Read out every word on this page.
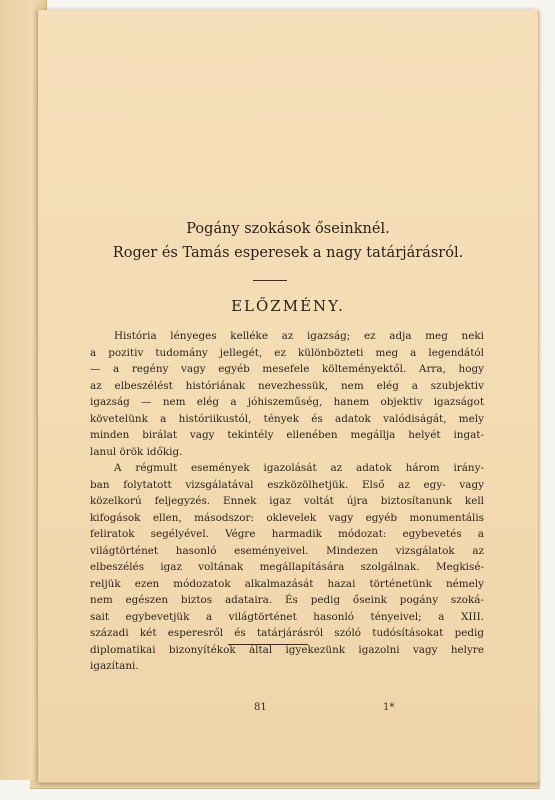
Pogány szokások őseinknél.
Roger és Tamás esperesek a nagy tatárjárásról.
ELŐZMÉNY.
História lényeges kelléke az igazság; ez adja meg neki
a pozitiv tudomány jellegét, ez különbözteti meg a legendától
— a regény vagy egyéb mesefele költeményektől. Arra, hogy
az elbeszélést históriának nevezhessük, nem elég a szubjektiv
igazság — nem elég a jóhiszeműség, hanem objektiv igazságot
követelünk a históriikustól, tények és adatok valódiságát, mely
minden birálat vagy tekintély ellenében megállja helyét ingat-
lanul örök időkig.
A régmult események igazolását az adatok három irány-
ban folytatott vizsgálatával eszközölhetjük. Első az egy- vagy
közelkorú feljegyzés. Ennek igaz voltát újra biztosítanunk kell
kifogások ellen, másodszor: oklevelek vagy egyéb monumentális
feliratok segélyével. Végre harmadik módozat: egybevetés a
világtörténet hasonló eseményeivel. Mindezen vizsgálatok az
elbeszélés igaz voltának megállapítására szolgálnak. Megkisé-
reljük ezen módozatok alkalmazását hazai történetünk némely
nem egészen biztos adataira. És pedig őseink pogány szoká-
sait egybevetjük a világtörténet hasonló tényeivel; a XIII.
századi két esperesről és tatárjárásról szóló tudósításokat pedig
diplomatikai bizonyítékok által igyekezünk igazolni vagy helyre
igazítani.
81	1*
